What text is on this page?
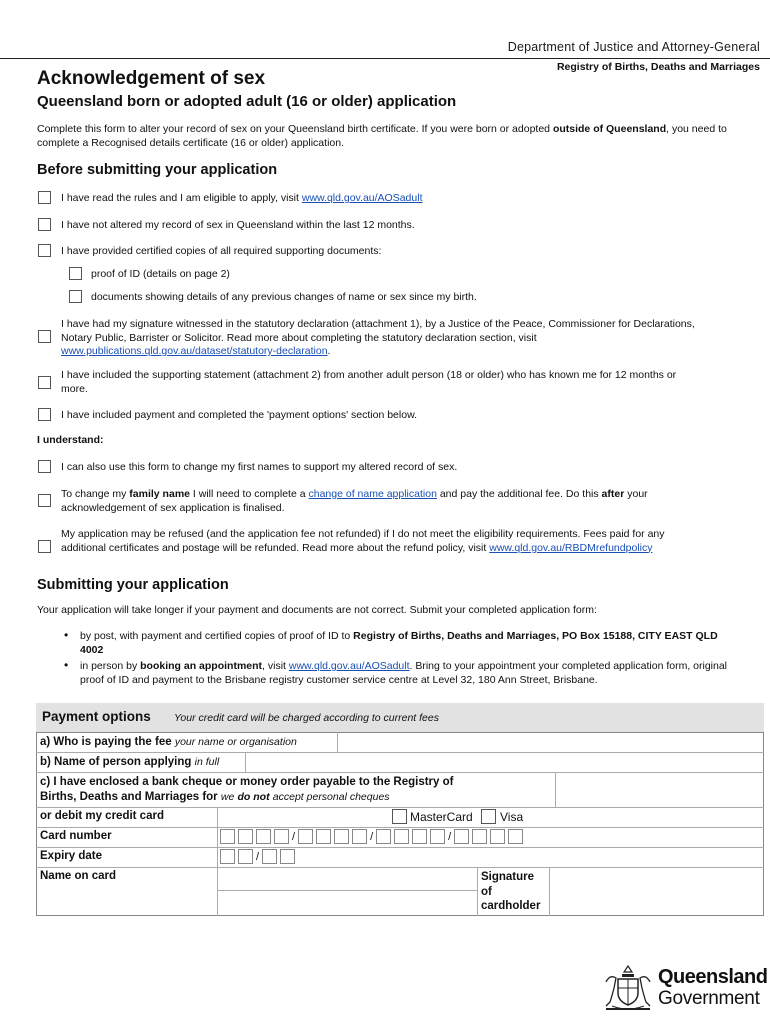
Department of Justice and Attorney-General
Registry of Births, Deaths and Marriages
Acknowledgement of sex
Queensland born or adopted adult (16 or older) application
Complete this form to alter your record of sex on your Queensland birth certificate. If you were born or adopted outside of Queensland, you need to complete a Recognised details certificate (16 or older) application.
Before submitting your application
I have read the rules and I am eligible to apply, visit www.qld.gov.au/AOSadult
I have not altered my record of sex in Queensland within the last 12 months.
I have provided certified copies of all required supporting documents:
proof of ID (details on page 2)
documents showing details of any previous changes of name or sex since my birth.
I have had my signature witnessed in the statutory declaration (attachment 1), by a Justice of the Peace, Commissioner for Declarations, Notary Public, Barrister or Solicitor. Read more about completing the statutory declaration section, visit www.publications.qld.gov.au/dataset/statutory-declaration.
I have included the supporting statement (attachment 2) from another adult person (18 or older) who has known me for 12 months or more.
I have included payment and completed the 'payment options' section below.
I understand:
I can also use this form to change my first names to support my altered record of sex.
To change my family name I will need to complete a change of name application and pay the additional fee. Do this after your acknowledgement of sex application is finalised.
My application may be refused (and the application fee not refunded) if I do not meet the eligibility requirements. Fees paid for any additional certificates and postage will be refunded. Read more about the refund policy, visit www.qld.gov.au/RBDMrefundpolicy
Submitting your application
Your application will take longer if your payment and documents are not correct. Submit your completed application form:
• by post, with payment and certified copies of proof of ID to Registry of Births, Deaths and Marriages, PO Box 15188, CITY EAST QLD 4002
• in person by booking an appointment, visit www.qld.gov.au/AOSadult. Bring to your appointment your completed application form, original proof of ID and payment to the Brisbane registry customer service centre at Level 32, 180 Ann Street, Brisbane.
Payment options Your credit card will be charged according to current fees
a) Who is paying the fee your name or organisation
b) Name of person applying in full
c) I have enclosed a bank cheque or money order payable to the Registry of
Births, Deaths and Marriages for we do not accept personal cheques
or debit my credit card	MasterCard Visa
Card number	/	/	/
Expiry date	/
Name on card	Signature
of
cardholder
Queensland
Government
